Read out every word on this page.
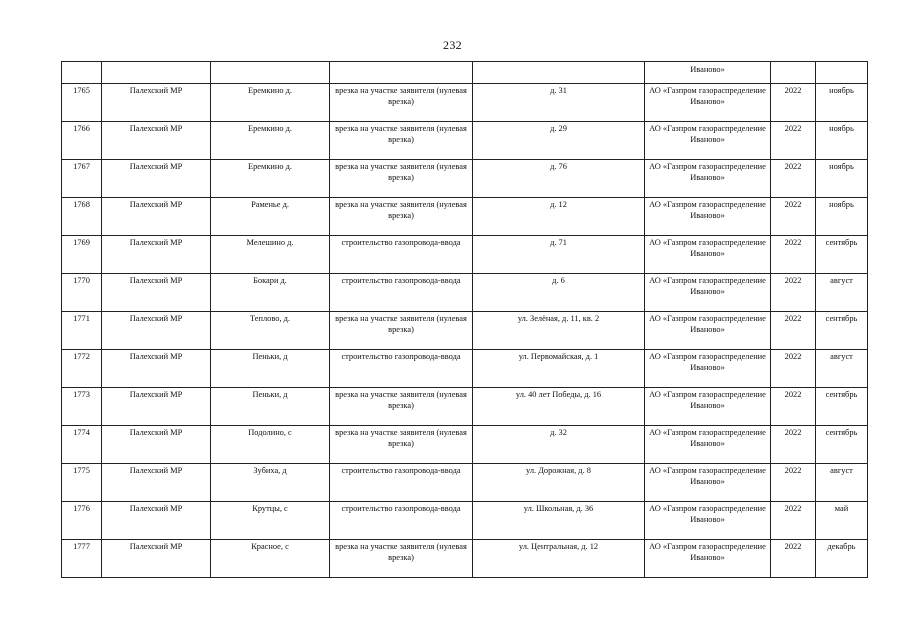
232
					Иваново»		
1765	Палехский МР	Еремкино д.	врезка на участке заявителя (нулевая врезка)	д. 31	АО «Газпром газораспределение Иваново»	2022	ноябрь
1766	Палехский МР	Еремкино д.	врезка на участке заявителя (нулевая врезка)	д. 29	АО «Газпром газораспределение Иваново»	2022	ноябрь
1767	Палехский МР	Еремкино д.	врезка на участке заявителя (нулевая врезка)	д. 76	АО «Газпром газораспределение Иваново»	2022	ноябрь
1768	Палехский МР	Раменье д.	врезка на участке заявителя (нулевая врезка)	д. 12	АО «Газпром газораспределение Иваново»	2022	ноябрь
1769	Палехский МР	Мелешино д.	строительство газопровода-ввода	д. 71	АО «Газпром газораспределение Иваново»	2022	сентябрь
1770	Палехский МР	Бокари д.	строительство газопровода-ввода	д. 6	АО «Газпром газораспределение Иваново»	2022	август
1771	Палехский МР	Теплово, д.	врезка на участке заявителя (нулевая врезка)	ул. Зелёная, д. 11, кв. 2	АО «Газпром газораспределение Иваново»	2022	сентябрь
1772	Палехский МР	Пеньки, д	строительство газопровода-ввода	ул. Первомайская, д. 1	АО «Газпром газораспределение Иваново»	2022	август
1773	Палехский МР	Пеньки, д	врезка на участке заявителя (нулевая врезка)	ул. 40 лет Победы, д. 16	АО «Газпром газораспределение Иваново»	2022	сентябрь
1774	Палехский МР	Подолино, с	врезка на участке заявителя (нулевая врезка)	д. 32	АО «Газпром газораспределение Иваново»	2022	сентябрь
1775	Палехский МР	Зубиха, д	строительство газопровода-ввода	ул. Дорожная, д. 8	АО «Газпром газораспределение Иваново»	2022	август
1776	Палехский МР	Крутцы, с	строительство газопровода-ввода	ул. Школьная, д. 36	АО «Газпром газораспределение Иваново»	2022	май
1777	Палехский МР	Красное, с	врезка на участке заявителя (нулевая врезка)	ул. Центральная, д. 12	АО «Газпром газораспределение Иваново»	2022	декабрь
